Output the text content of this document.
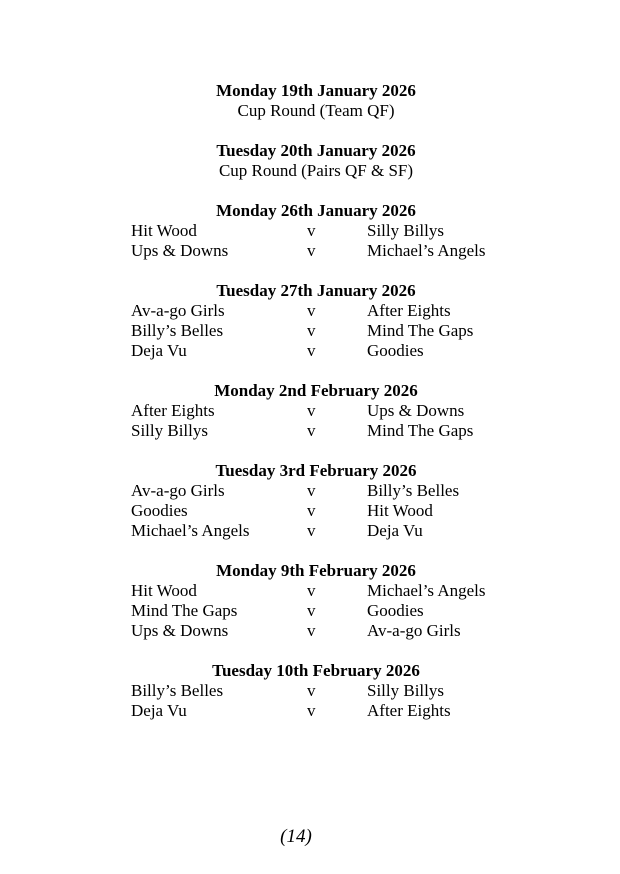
Monday 19th January 2026
Cup Round (Team QF)
Tuesday 20th January 2026
Cup Round (Pairs QF & SF)
Monday 26th January 2026
Hit Wood	v	Silly Billys
Ups & Downs	v	Michael’s Angels
Tuesday 27th January 2026
Av-a-go Girls	v	After Eights
Billy’s Belles	v	Mind The Gaps
Deja Vu	v	Goodies
Monday 2nd February 2026
After Eights	v	Ups & Downs
Silly Billys	v	Mind The Gaps
Tuesday 3rd February 2026
Av-a-go Girls	v	Billy’s Belles
Goodies	v	Hit Wood
Michael’s Angels	v	Deja Vu
Monday 9th February 2026
Hit Wood	v	Michael’s Angels
Mind The Gaps	v	Goodies
Ups & Downs	v	Av-a-go Girls
Tuesday 10th February 2026
Billy’s Belles	v	Silly Billys
Deja Vu	v	After Eights
(14)
